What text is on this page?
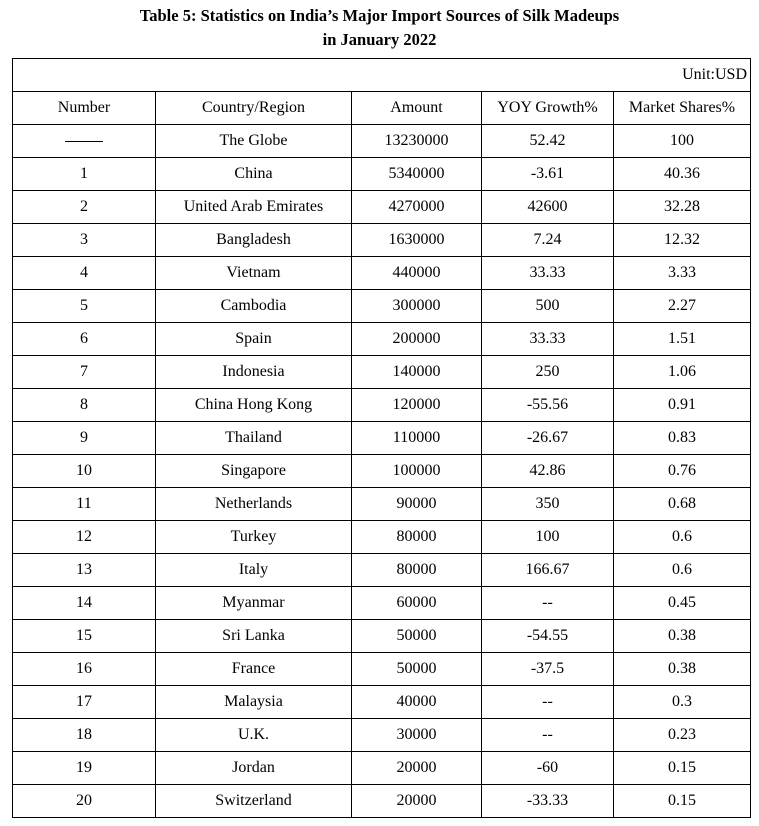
Table 5: Statistics on India’s Major Import Sources of Silk Madeups
in January 2022
Unit:USD				
Number	Country/Region	Amount	YOY Growth%	Market Shares%
	The Globe	13230000	52.42	100
1	China	5340000	-3.61	40.36
2	United Arab Emirates	4270000	42600	32.28
3	Bangladesh	1630000	7.24	12.32
4	Vietnam	440000	33.33	3.33
5	Cambodia	300000	500	2.27
6	Spain	200000	33.33	1.51
7	Indonesia	140000	250	1.06
8	China Hong Kong	120000	-55.56	0.91
9	Thailand	110000	-26.67	0.83
10	Singapore	100000	42.86	0.76
11	Netherlands	90000	350	0.68
12	Turkey	80000	100	0.6
13	Italy	80000	166.67	0.6
14	Myanmar	60000	--	0.45
15	Sri Lanka	50000	-54.55	0.38
16	France	50000	-37.5	0.38
17	Malaysia	40000	--	0.3
18	U.K.	30000	--	0.23
19	Jordan	20000	-60	0.15
20	Switzerland	20000	-33.33	0.15
